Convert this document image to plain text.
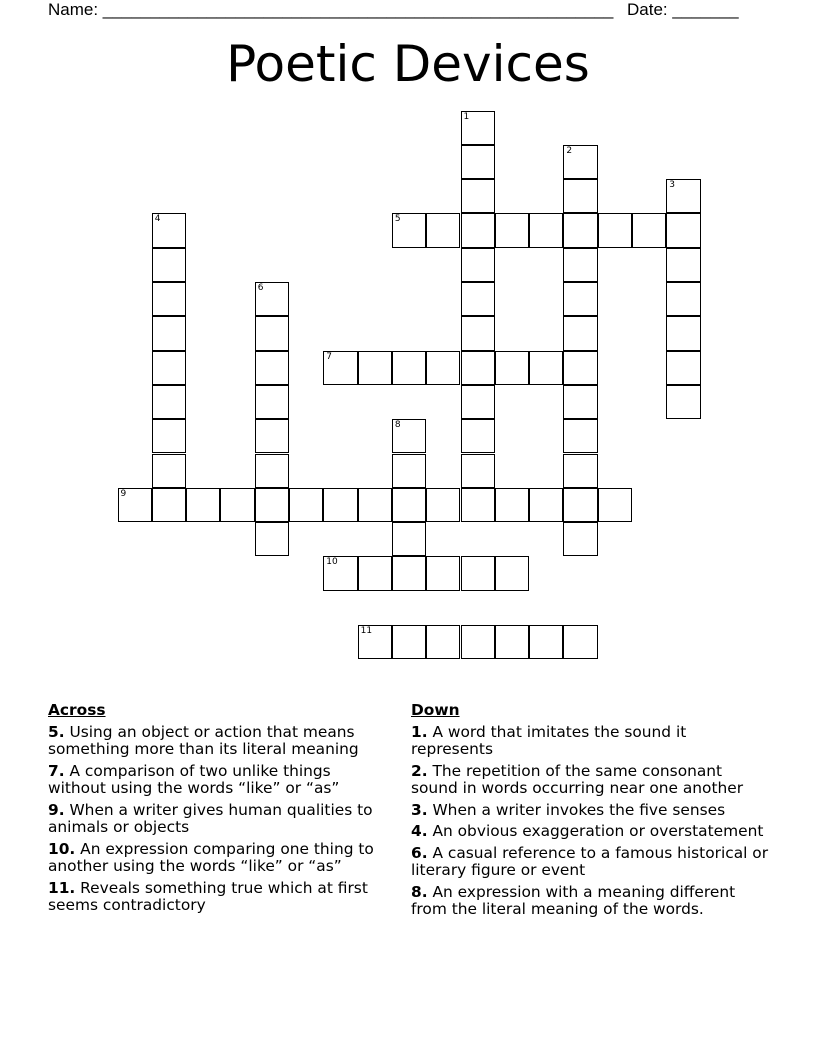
Name: ______________________________________________________ Date: _______
Poetic Devices
1
2
3
4	5
6
7
8
9
10
11
Across
5. Using an object or action that means something more than its literal meaning
7. A comparison of two unlike things without using the words “like” or “as”
9. When a writer gives human qualities to animals or objects
10. An expression comparing one thing to another using the words “like” or “as”
11. Reveals something true which at first seems contradictory
Down
1. A word that imitates the sound it represents
2. The repetition of the same consonant sound in words occurring near one another
3. When a writer invokes the five senses
4. An obvious exaggeration or overstatement
6. A casual reference to a famous historical or literary figure or event
8. An expression with a meaning different from the literal meaning of the words.
